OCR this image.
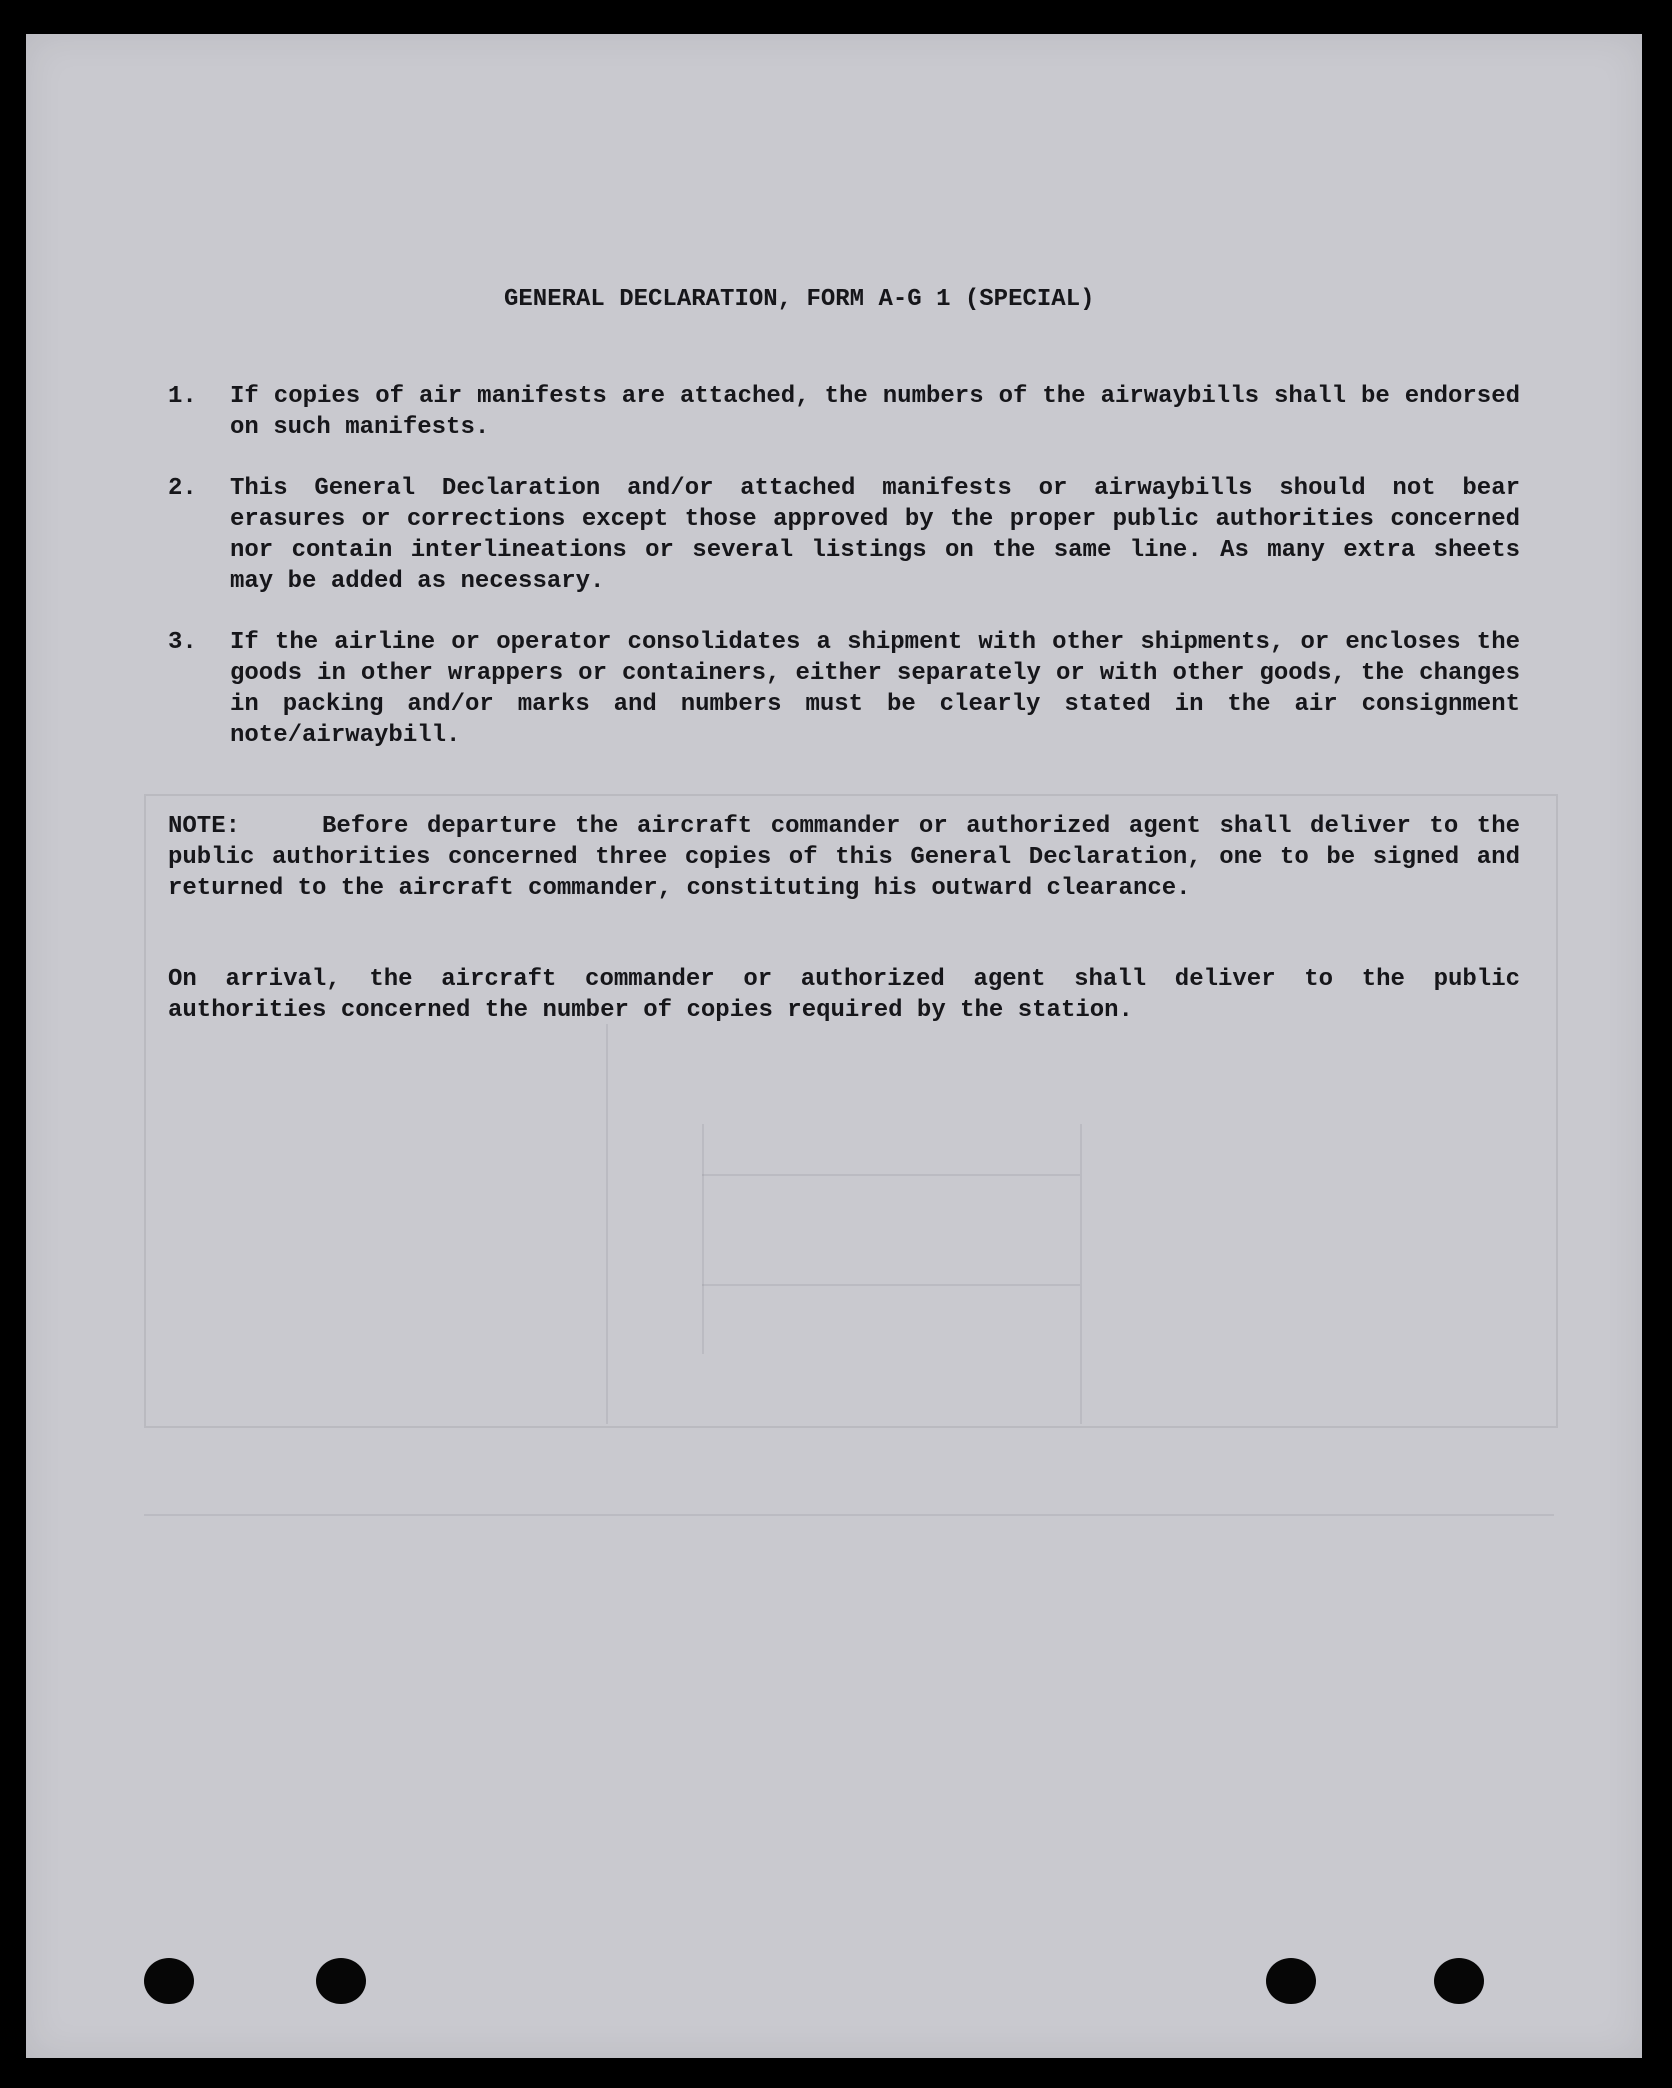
GENERAL DECLARATION, FORM A-G 1 (SPECIAL)
1. If copies of air manifests are attached, the numbers of the airwaybills shall be endorsed on such manifests.
2. This General Declaration and/or attached manifests or airwaybills should not bear erasures or corrections except those approved by the proper public authorities concerned nor contain interlineations or several listings on the same line. As many extra sheets may be added as necessary.
3. If the airline or operator consolidates a shipment with other shipments, or encloses the goods in other wrappers or containers, either separately or with other goods, the changes in packing and/or marks and numbers must be clearly stated in the air consignment note/airwaybill.
Before departure the aircraft commander or authorized agent shall deliver to the public authorities concerned three copies of this General Declaration, one to be signed and returned to the aircraft commander, constituting his outward clearance.
NOTE:
On arrival, the aircraft commander or authorized agent shall deliver to the public authorities concerned the number of copies required by the station.
